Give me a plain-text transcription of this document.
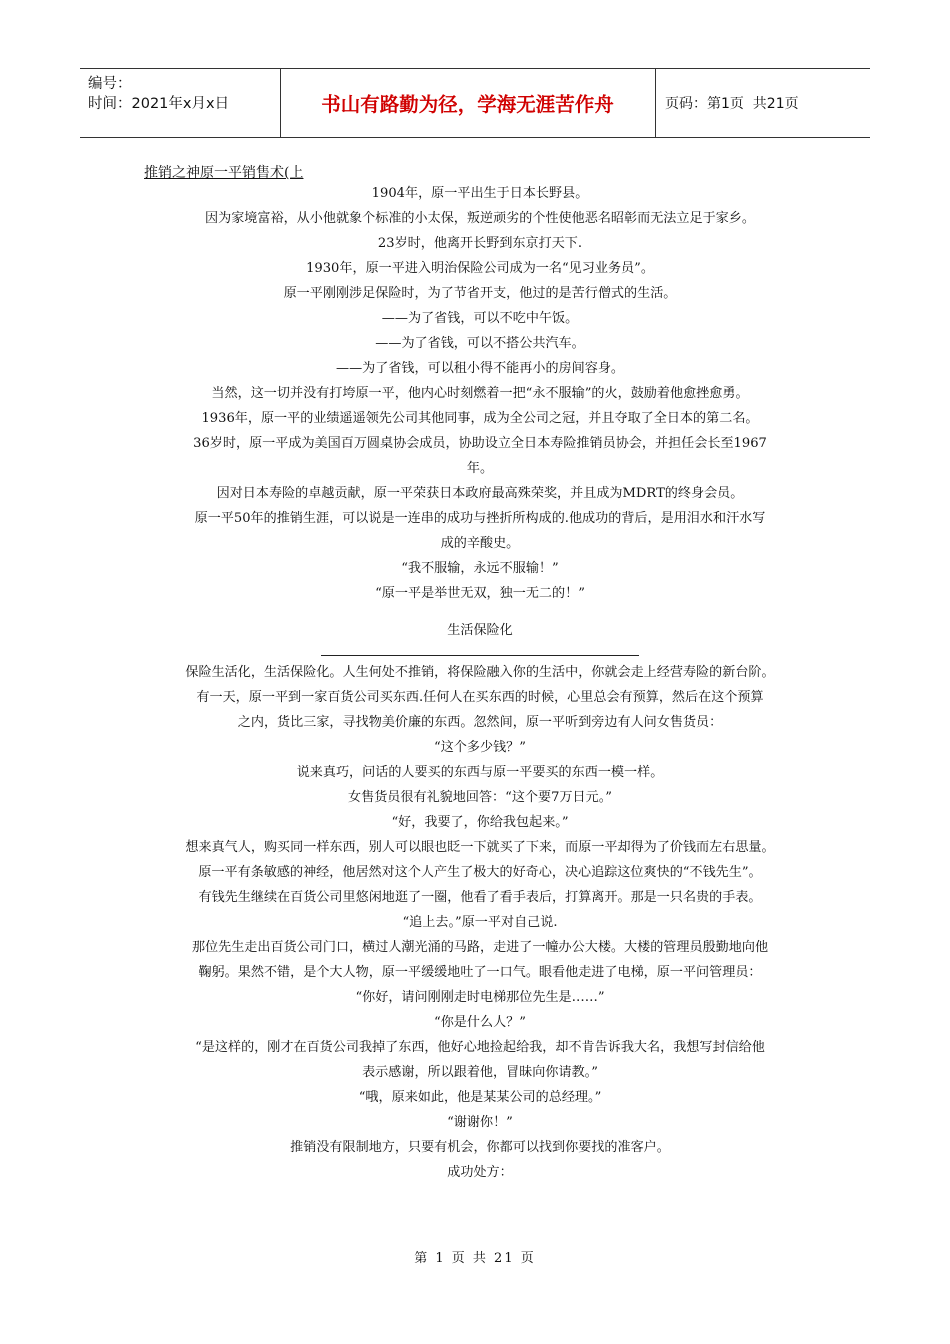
编号：
时间：2021年x月x日	书山有路勤为径，学海无涯苦作舟	页码：第1页  共21页
推销之神原一平销售术(上
1904年，原一平出生于日本长野县。
因为家境富裕，从小他就象个标准的小太保，叛逆顽劣的个性使他恶名昭彰而无法立足于家乡。
23岁时，他离开长野到东京打天下.
1930年，原一平进入明治保险公司成为一名“见习业务员”。
原一平刚刚涉足保险时，为了节省开支，他过的是苦行僧式的生活。
——为了省钱，可以不吃中午饭。
——为了省钱，可以不搭公共汽车。
——为了省钱，可以租小得不能再小的房间容身。
当然，这一切并没有打垮原一平，他内心时刻燃着一把“永不服输”的火，鼓励着他愈挫愈勇。
1936年，原一平的业绩遥遥领先公司其他同事，成为全公司之冠，并且夺取了全日本的第二名。
36岁时，原一平成为美国百万圆桌协会成员，协助设立全日本寿险推销员协会，并担任会长至1967
年。
因对日本寿险的卓越贡献，原一平荣获日本政府最高殊荣奖，并且成为MDRT的终身会员。
原一平50年的推销生涯，可以说是一连串的成功与挫折所构成的.他成功的背后，是用泪水和汗水写
成的辛酸史。
“我不服输，永远不服输！”
“原一平是举世无双，独一无二的！”
生活保险化
保险生活化，生活保险化。人生何处不推销，将保险融入你的生活中，你就会走上经营寿险的新台阶。
有一天，原一平到一家百货公司买东西.任何人在买东西的时候，心里总会有预算，然后在这个预算
之内，货比三家，寻找物美价廉的东西。忽然间，原一平听到旁边有人问女售货员：
“这个多少钱？”
说来真巧，问话的人要买的东西与原一平要买的东西一模一样。
女售货员很有礼貌地回答：“这个要7万日元。”
“好，我要了，你给我包起来。”
想来真气人，购买同一样东西，别人可以眼也眨一下就买了下来，而原一平却得为了价钱而左右思量。
原一平有条敏感的神经，他居然对这个人产生了极大的好奇心，决心追踪这位爽快的“不钱先生”。
有钱先生继续在百货公司里悠闲地逛了一圈，他看了看手表后，打算离开。那是一只名贵的手表。
“追上去。”原一平对自己说.
那位先生走出百货公司门口，横过人潮光涌的马路，走进了一幢办公大楼。大楼的管理员殷勤地向他
鞠躬。果然不错，是个大人物，原一平缓缓地吐了一口气。眼看他走进了电梯，原一平问管理员：
“你好，请问刚刚走时电梯那位先生是……”
“你是什么人？”
“是这样的，刚才在百货公司我掉了东西，他好心地捡起给我，却不肯告诉我大名，我想写封信给他
表示感谢，所以跟着他，冒昧向你请教。”
“哦，原来如此，他是某某公司的总经理。”
“谢谢你！”
推销没有限制地方，只要有机会，你都可以找到你要找的准客户。
成功处方：
第 1 页 共 21 页
